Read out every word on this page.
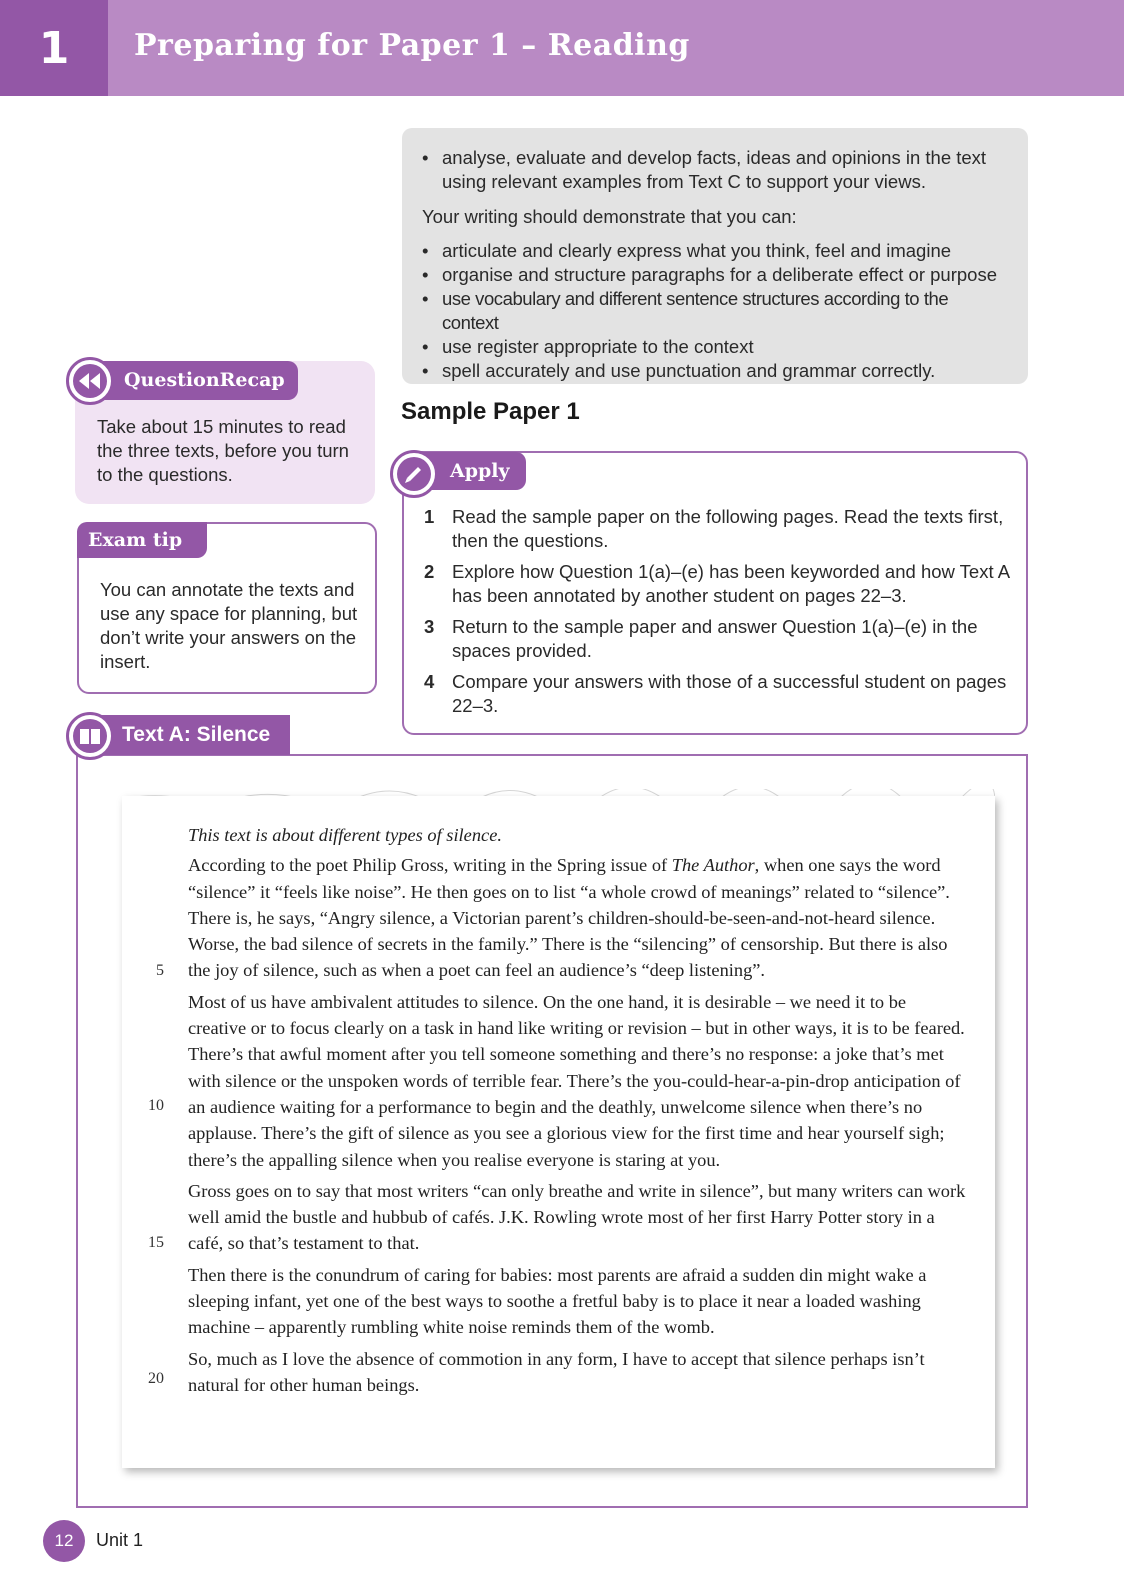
1	Preparing for Paper 1 – Reading
• analyse, evaluate and develop facts, ideas and opinions in the text using relevant examples from Text C to support your views.
Your writing should demonstrate that you can:
• articulate and clearly express what you think, feel and imagine
• organise and structure paragraphs for a deliberate effect or purpose
• use vocabulary and different sentence structures according to the context
• use register appropriate to the context
• spell accurately and use punctuation and grammar correctly.
QuestionRecap
Take about 15 minutes to read the three texts, before you turn to the questions.
Exam tip
You can annotate the texts and use any space for planning, but don’t write your answers on the insert.
Sample Paper 1
Apply
1 Read the sample paper on the following pages. Read the texts first, then the questions.
2 Explore how Question 1(a)–(e) has been keyworded and how Text A has been annotated by another student on pages 22–3.
3 Return to the sample paper and answer Question 1(a)–(e) in the spaces provided.
4 Compare your answers with those of a successful student on pages 22–3.
Text A: Silence

This text is about different types of silence.

According to the poet Philip Gross, writing in the Spring issue of The Author, when one says the word “silence” it “feels like noise”. He then goes on to list “a whole crowd of meanings” related to “silence”. There is, he says, “Angry silence, a Victorian parent’s children-should-be-seen-and-not-heard silence. Worse, the bad silence of secrets in the family.” There is the “silencing” of censorship. But there is also the joy of silence, such as when a poet can feel an audience’s “deep listening”.

Most of us have ambivalent attitudes to silence. On the one hand, it is desirable – we need it to be creative or to focus clearly on a task in hand like writing or revision – but in other ways, it is to be feared. There’s that awful moment after you tell someone something and there’s no response: a joke that’s met with silence or the unspoken words of terrible fear. There’s the you-could-hear-a-pin-drop anticipation of an audience waiting for a performance to begin and the deathly, unwelcome silence when there’s no applause. There’s the gift of silence as you see a glorious view for the first time and hear yourself sigh; there’s the appalling silence when you realise everyone is staring at you.

Gross goes on to say that most writers “can only breathe and write in silence”, but many writers can work well amid the bustle and hubbub of cafés. J.K. Rowling wrote most of her first Harry Potter story in a café, so that’s testament to that.

Then there is the conundrum of caring for babies: most parents are afraid a sudden din might wake a sleeping infant, yet one of the best ways to soothe a fretful baby is to place it near a loaded washing machine – apparently rumbling white noise reminds them of the womb.

So, much as I love the absence of commotion in any form, I have to accept that silence perhaps isn’t natural for other human beings.

5
10
15
20
12	Unit 1
